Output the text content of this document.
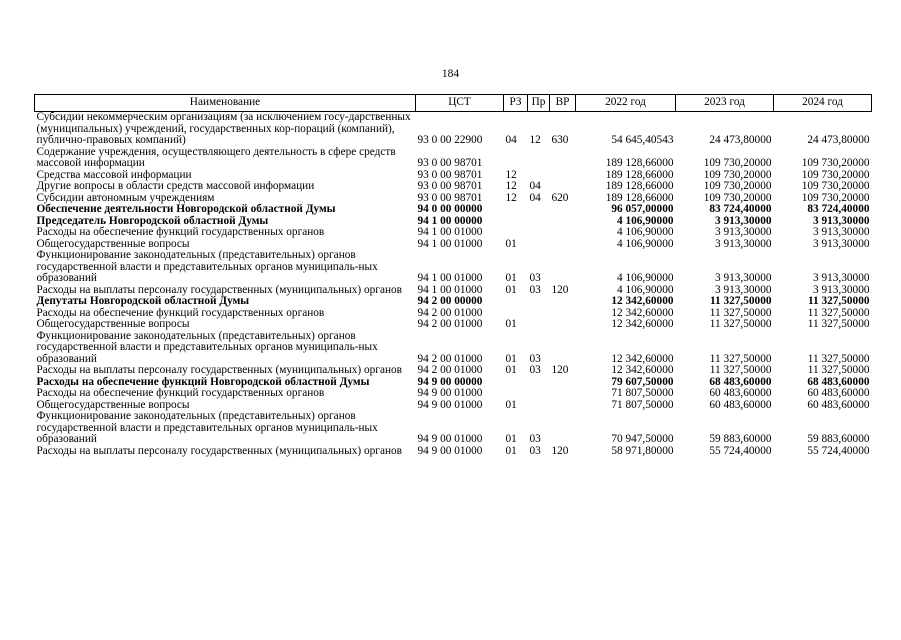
184
Наименование	ЦСТ	РЗ	Пр	ВР	2022 год	2023 год	2024 год
Субсидии некоммерческим организациям (за исключением госу-дарственных (муниципальных) учреждений, государственных кор-пораций (компаний), публично-правовых компаний)	93 0 00 22900	04	12	630	54 645,40543	24 473,80000	24 473,80000
Содержание учреждения, осуществляющего деятельность в сфере средств массовой информации	93 0 00 98701				189 128,66000	109 730,20000	109 730,20000
Средства массовой информации	93 0 00 98701	12			189 128,66000	109 730,20000	109 730,20000
Другие вопросы в области средств массовой информации	93 0 00 98701	12	04		189 128,66000	109 730,20000	109 730,20000
Субсидии автономным учреждениям	93 0 00 98701	12	04	620	189 128,66000	109 730,20000	109 730,20000
Обеспечение деятельности Новгородской областной Думы	94 0 00 00000				96 057,00000	83 724,40000	83 724,40000
Председатель Новгородской областной Думы	94 1 00 00000				4 106,90000	3 913,30000	3 913,30000
Расходы на обеспечение функций государственных органов	94 1 00 01000				4 106,90000	3 913,30000	3 913,30000
Общегосударственные вопросы	94 1 00 01000	01			4 106,90000	3 913,30000	3 913,30000
Функционирование законодательных (представительных) органов государственной власти и представительных органов муниципаль-ных образований	94 1 00 01000	01	03		4 106,90000	3 913,30000	3 913,30000
Расходы на выплаты персоналу государственных (муниципальных) органов	94 1 00 01000	01	03	120	4 106,90000	3 913,30000	3 913,30000
Депутаты Новгородской областной Думы	94 2 00 00000				12 342,60000	11 327,50000	11 327,50000
Расходы на обеспечение функций государственных органов	94 2 00 01000				12 342,60000	11 327,50000	11 327,50000
Общегосударственные вопросы	94 2 00 01000	01			12 342,60000	11 327,50000	11 327,50000
Функционирование законодательных (представительных) органов государственной власти и представительных органов муниципаль-ных образований	94 2 00 01000	01	03		12 342,60000	11 327,50000	11 327,50000
Расходы на выплаты персоналу государственных (муниципальных) органов	94 2 00 01000	01	03	120	12 342,60000	11 327,50000	11 327,50000
Расходы на обеспечение функций Новгородской областной Думы	94 9 00 00000				79 607,50000	68 483,60000	68 483,60000
Расходы на обеспечение функций государственных органов	94 9 00 01000				71 807,50000	60 483,60000	60 483,60000
Общегосударственные вопросы	94 9 00 01000	01			71 807,50000	60 483,60000	60 483,60000
Функционирование законодательных (представительных) органов государственной власти и представительных органов муниципаль-ных образований	94 9 00 01000	01	03		70 947,50000	59 883,60000	59 883,60000
Расходы на выплаты персоналу государственных (муниципальных) органов	94 9 00 01000	01	03	120	58 971,80000	55 724,40000	55 724,40000
